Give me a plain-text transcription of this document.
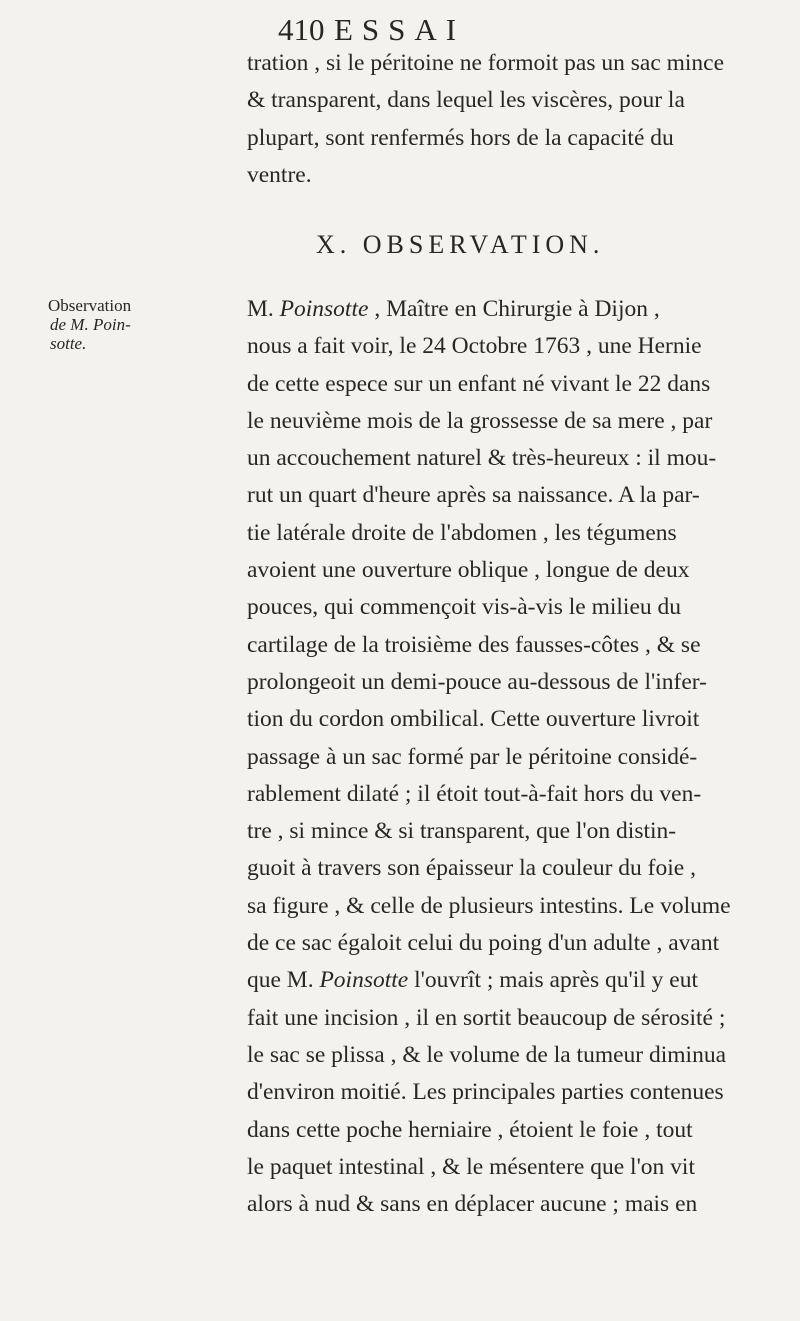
410 ESSAI
tration , si le péritoine ne formoit pas un sac mince
& transparent, dans lequel les viscères, pour la
plupart, sont renfermés hors de la capacité du
ventre.
X. OBSERVATION.
Observation
de M. Poin-
sotte.
M. Poinsotte , Maître en Chirurgie à Dijon ,
nous a fait voir, le 24 Octobre 1763 , une Hernie
de cette espece sur un enfant né vivant le 22 dans
le neuvième mois de la grossesse de sa mere , par
un accouchement naturel & très-heureux : il mou-
rut un quart d'heure après sa naissance. A la par-
tie latérale droite de l'abdomen , les tégumens
avoient une ouverture oblique , longue de deux
pouces, qui commençoit vis-à-vis le milieu du
cartilage de la troisième des fausses-côtes , & se
prolongeoit un demi-pouce au-dessous de l'infer-
tion du cordon ombilical. Cette ouverture livroit
passage à un sac formé par le péritoine considé-
rablement dilaté ; il étoit tout-à-fait hors du ven-
tre , si mince & si transparent, que l'on distin-
guoit à travers son épaisseur la couleur du foie ,
sa figure , & celle de plusieurs intestins. Le volume
de ce sac égaloit celui du poing d'un adulte , avant
que M. Poinsotte l'ouvrît ; mais après qu'il y eut
fait une incision , il en sortit beaucoup de sérosité ;
le sac se plissa , & le volume de la tumeur diminua
d'environ moitié. Les principales parties contenues
dans cette poche herniaire , étoient le foie , tout
le paquet intestinal , & le mésentere que l'on vit
alors à nud & sans en déplacer aucune ; mais en
